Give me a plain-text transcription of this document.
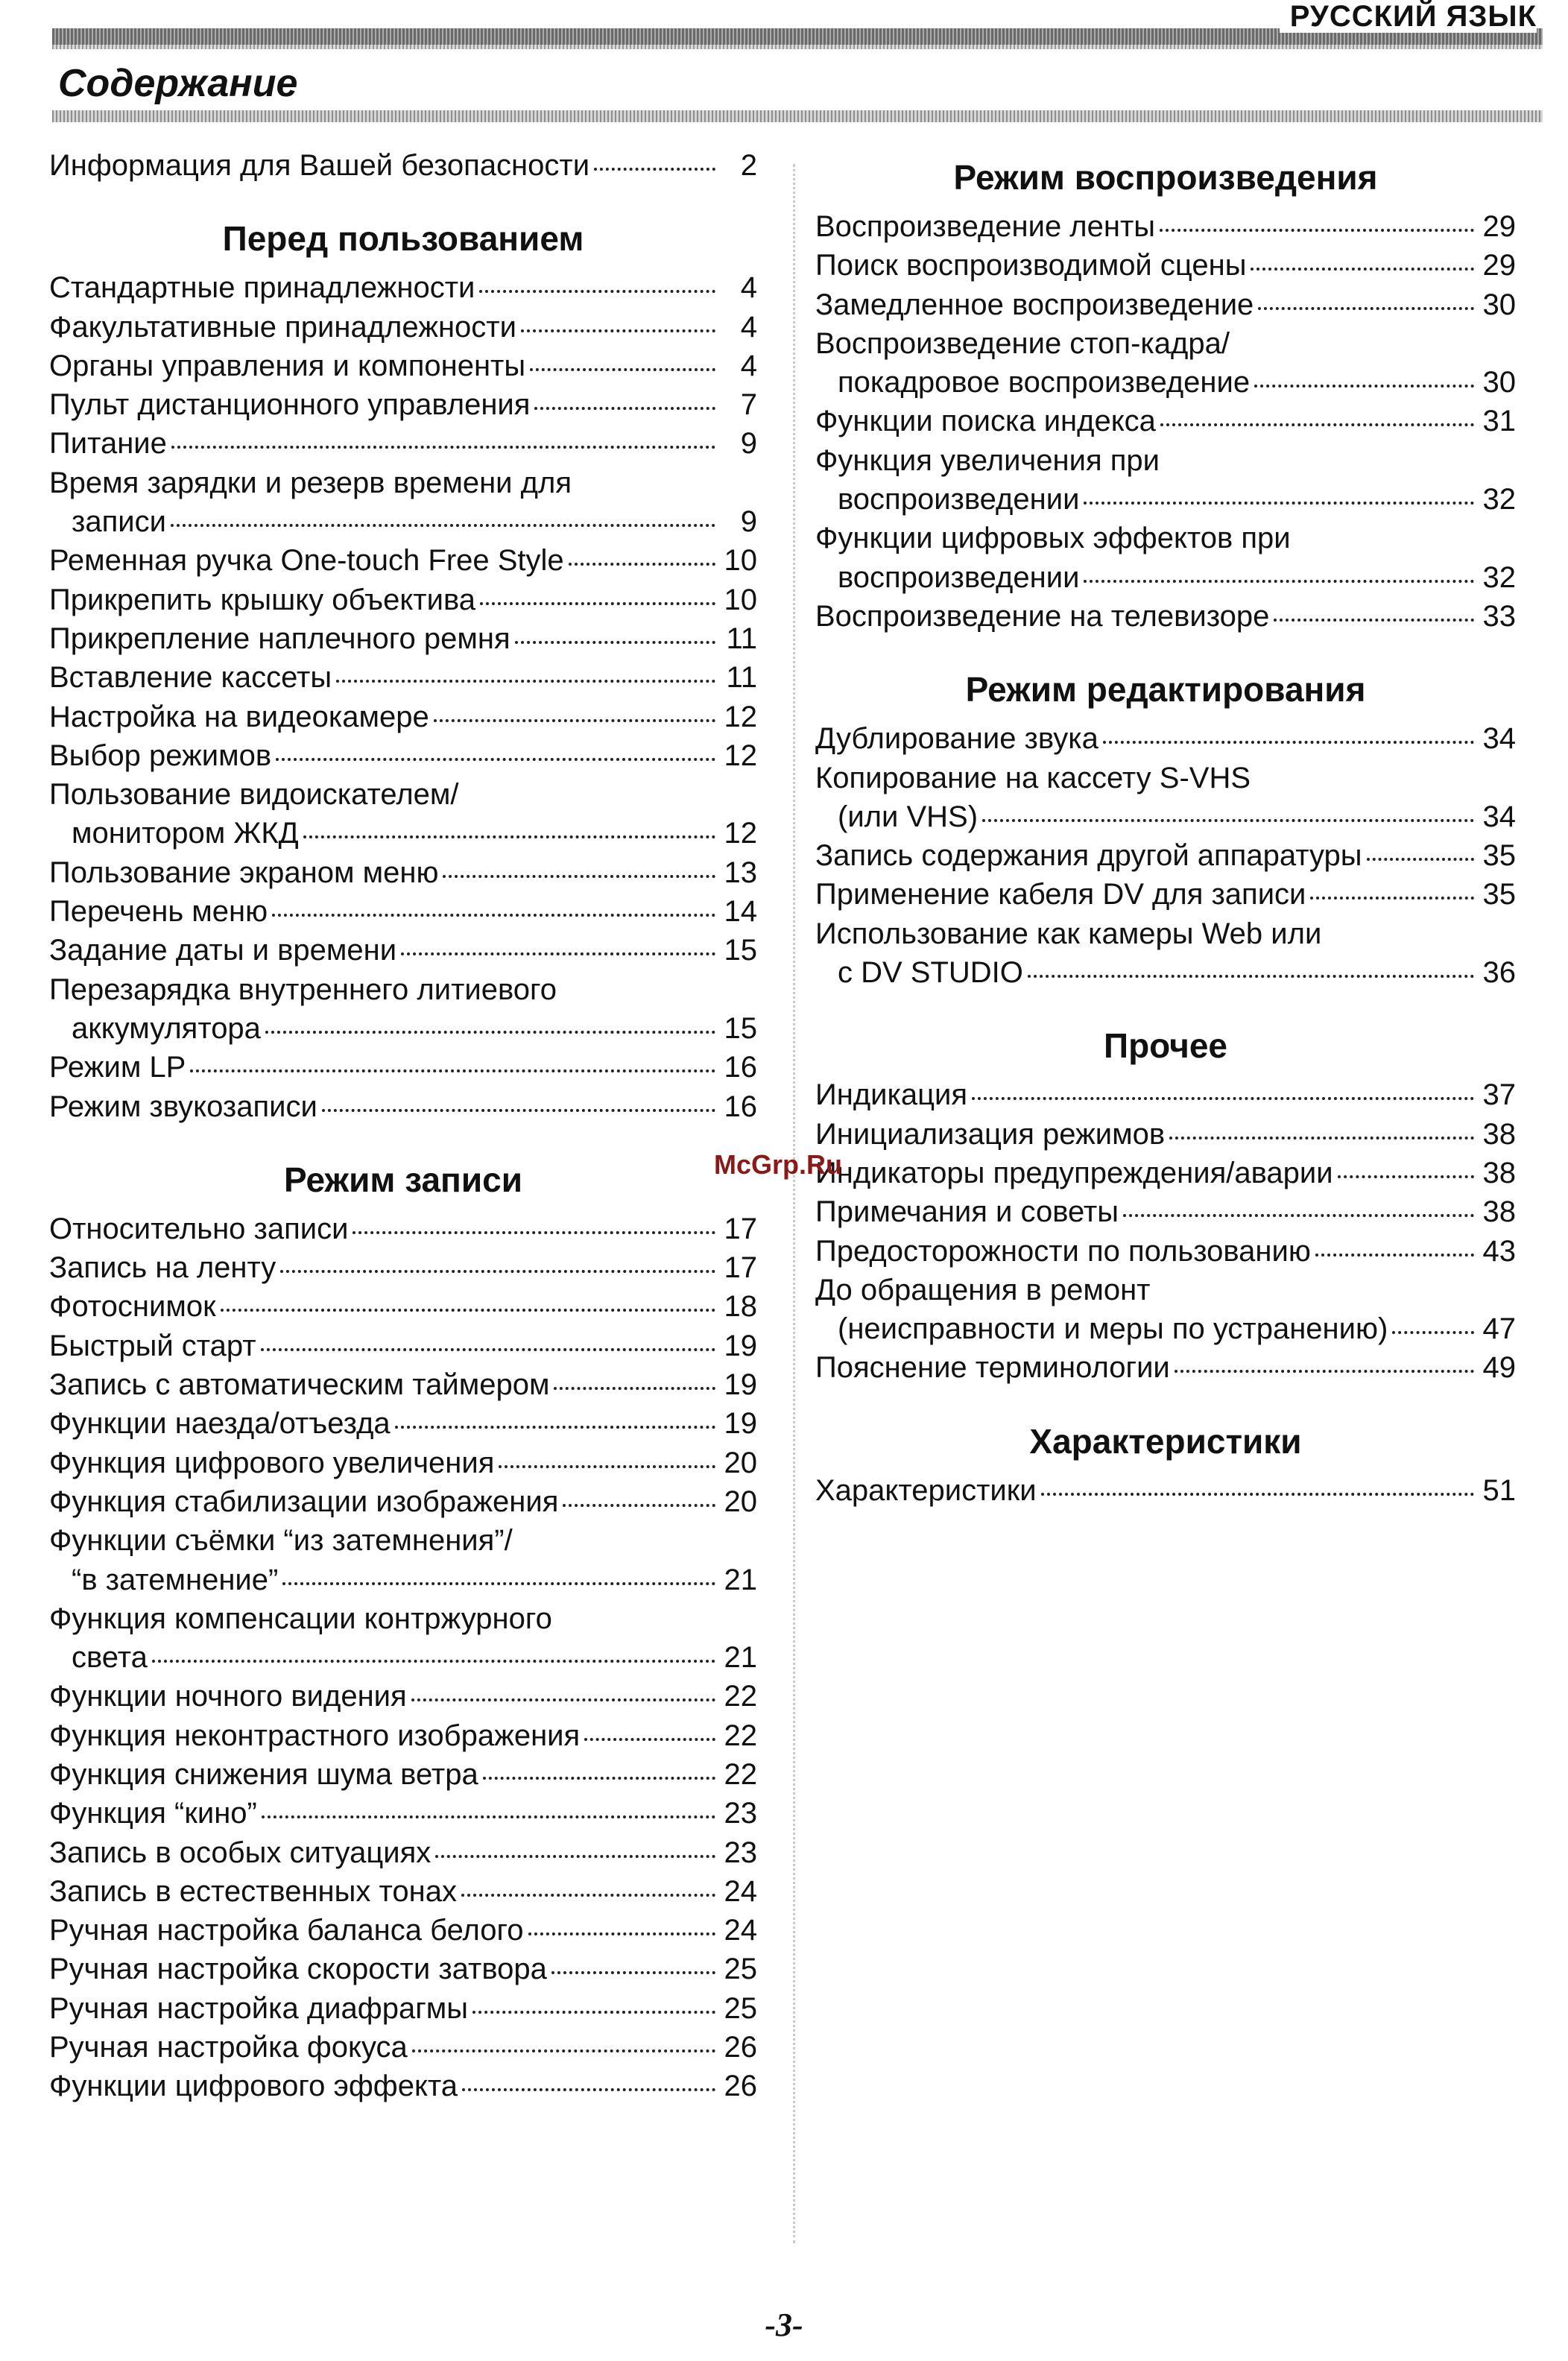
РУССКИЙ ЯЗЫК
Содержание
Информация для Вашей безопасности	2
Перед пользованием
Стандартные принадлежности	4
Факультативные принадлежности	4
Органы управления и компоненты	4
Пульт дистанционного управления	7
Питание	9
Время зарядки и резерв времени для
записи	9
Ременная ручка One-touch Free Style	10
Прикрепить крышку объектива	10
Прикрепление наплечного ремня	11
Вставление кассеты	11
Настройка на видеокамере	12
Выбор режимов	12
Пользование видоискателем/
монитором ЖКД	12
Пользование экраном меню	13
Перечень меню	14
Задание даты и времени	15
Перезарядка внутреннего литиевого
аккумулятора	15
Режим LP	16
Режим звукозаписи	16
Режим записи
Относительно записи	17
Запись на ленту	17
Фотоснимок	18
Быстрый старт	19
Запись с автоматическим таймером	19
Функции наезда/отъезда	19
Функция цифрового увеличения	20
Функция стабилизации изображения	20
Функции съёмки “из затемнения”/
“в затемнение”	21
Функция компенсации контржурного
света	21
Функции ночного видения	22
Функция неконтрастного изображения	22
Функция снижения шума ветра	22
Функция “кино”	23
Запись в особых ситуациях	23
Запись в естественных тонах	24
Ручная настройка баланса белого	24
Ручная настройка скорости затвора	25
Ручная настройка диафрагмы	25
Ручная настройка фокуса	26
Функции цифрового эффекта	26
Режим воспроизведения
Воспроизведение ленты	29
Поиск воспроизводимой сцены	29
Замедленное воспроизведение	30
Воспроизведение стоп-кадра/
покадровое воспроизведение	30
Функции поиска индекса	31
Функция увеличения при
воспроизведении	32
Функции цифровых эффектов при
воспроизведении	32
Воспроизведение на телевизоре	33
Режим редактирования
Дублирование звука	34
Копирование на кассету S-VHS
(или VHS)	34
Запись содержания другой аппаратуры	35
Применение кабеля DV для записи	35
Использование как камеры Web или
с DV STUDIO	36
Прочее
Индикация	37
Инициализация режимов	38
Индикаторы предупреждения/аварии	38
Примечания и советы	38
Предосторожности по пользованию	43
До обращения в ремонт
(неисправности и меры по устранению)	47
Пояснение терминологии	49
Характеристики
Характеристики	51
McGrp.Ru
-3-
